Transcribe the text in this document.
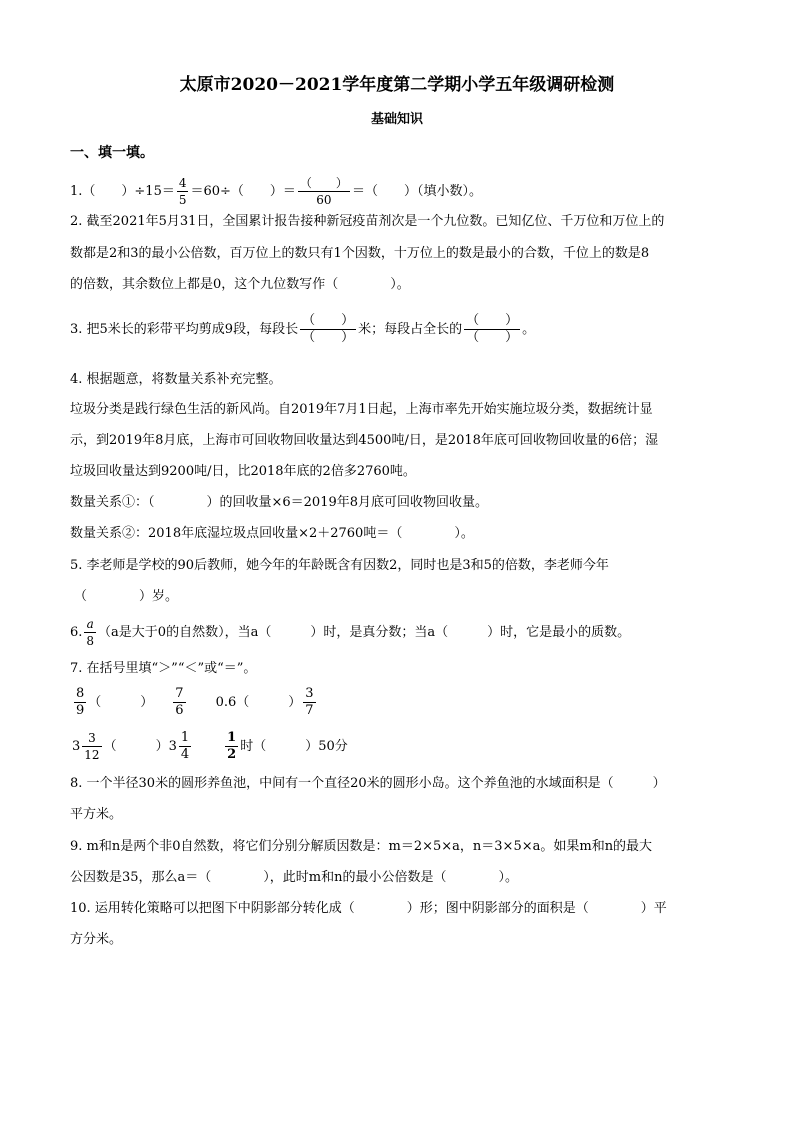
太原市2020－2021学年度第二学期小学五年级调研检测
基础知识
一、填一填。
1.（　　）$\div 15= \frac{4}{5} =60\div$（　　）＝ $\frac{( )}{60}$ ＝（　　）（填小数）。
2. 截至2021年5月31日，全国累计报告接种新冠疫苗剂次是一个九位数。已知亿位、千万位和万位上的
数都是2和3的最小公倍数，百万位上的数只有1个因数，十万位上的数是最小的合数，千位上的数是8
的倍数，其余数位上都是0，这个九位数写作（　　　　）。
3. 把5米长的彩带平均剪成9段，每段长 $\frac{( )}{( )}$ 米；每段占全长的 $\frac{( )}{( )}$ 。
4. 根据题意，将数量关系补充完整。
垃圾分类是践行绿色生活的新风尚。自2019年7月1日起，上海市率先开始实施垃圾分类，数据统计显
示，到2019年8月底，上海市可回收物回收量达到4500吨/日，是2018年底可回收物回收量的6倍；湿
垃圾回收量达到9200吨/日，比2018年底的2倍多2760吨。
数量关系①：（　　　　）的回收量×6＝2019年8月底可回收物回收量。
数量关系②：2018年底湿垃圾点回收量×2＋2760吨＝（　　　　）。
5. 李老师是学校的90后教师，她今年的年龄既含有因数2，同时也是3和5的倍数，李老师今年
（　　　　）岁。
6. $\frac{a}{8} (a$是大于0的自然数），当a（　　　）时，是真分数；当a（　　　）时，它是最小的质数。
7. 在括号里填“＞”“＜”或“＝”。
$\frac{8}{9}$ （　　　） $\frac{7}{6} 0.6$（　　　） $\frac{3}{7}$
$3 \frac{3}{12}$ （　　　）$3 \frac{1}{4}$	$\frac{1}{2}$ 时（　　　）50分
8. 一个半径30米的圆形养鱼池，中间有一个直径20米的圆形小岛。这个养鱼池的水域面积是（　　　）
平方米。
9. m和n是两个非0自然数，将它们分别分解质因数是：m＝2×5×a，n＝3×5×a。如果m和n的最大
公因数是35，那么a＝（　　　　），此时m和n的最小公倍数是（　　　　）。
10. 运用转化策略可以把图下中阴影部分转化成（　　　　）形；图中阴影部分的面积是（　　　　）平
方分米。
